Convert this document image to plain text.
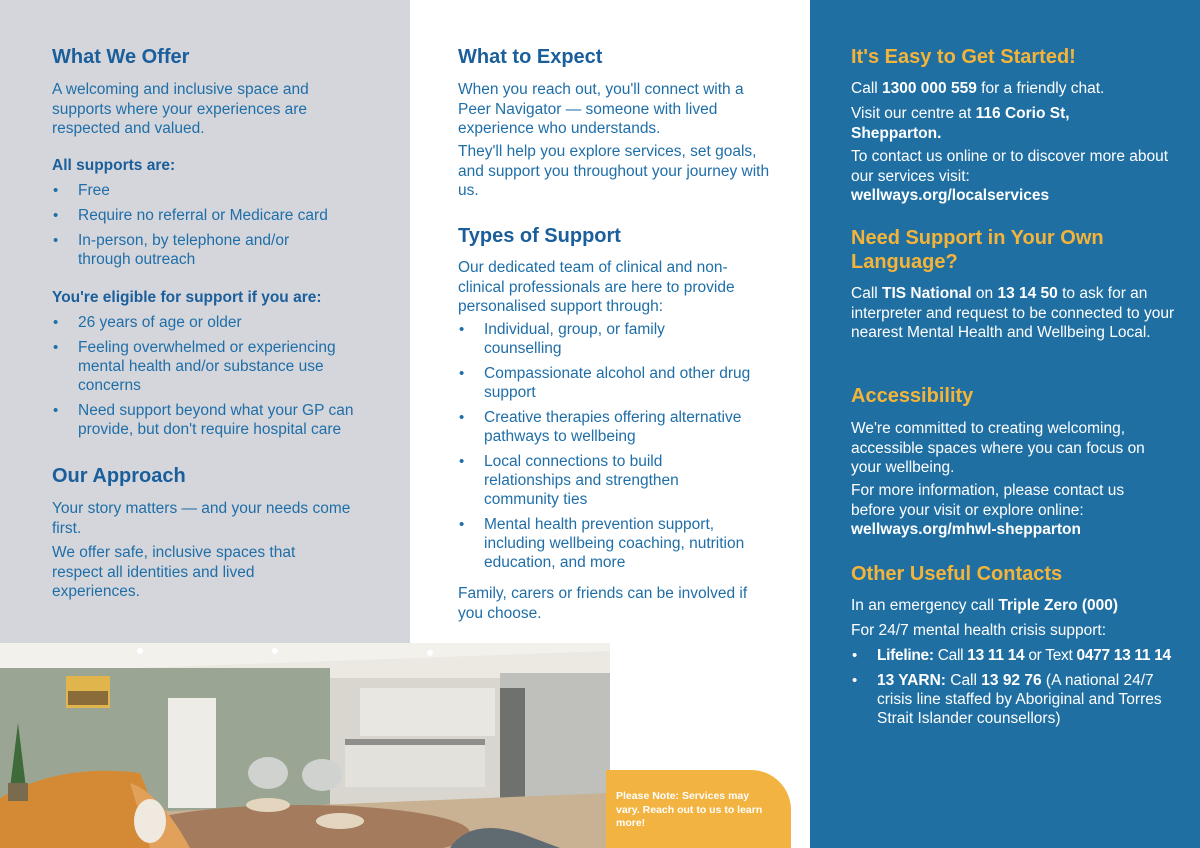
What We Offer

A welcoming and inclusive space and supports where your experiences are respected and valued.

All supports are:
• Free
• Require no referral or Medicare card
• In-person, by telephone and/or through outreach
You're eligible for support if you are:
• 26 years of age or older
• Feeling overwhelmed or experiencing mental health and/or substance use concerns
• Need support beyond what your GP can provide, but don't require hospital care
Our Approach

Your story matters — and your needs come first.

We offer safe, inclusive spaces that respect all identities and lived experiences.

What to Expect

When you reach out, you'll connect with a Peer Navigator — someone with lived experience who understands.

They'll help you explore services, set goals, and support you throughout your journey with us.

Types of Support

Our dedicated team of clinical and non-clinical professionals are here to provide personalised support through:

• Individual, group, or family counselling
• Compassionate alcohol and other drug support
• Creative therapies offering alternative pathways to wellbeing
• Local connections to build relationships and strengthen community ties
• Mental health prevention support, including wellbeing coaching, nutrition education, and more

Family, carers or friends can be involved if you choose.

It's Easy to Get Started!

Call 1300 000 559 for a friendly chat.

Visit our centre at 116 Corio St, Shepparton.

To contact us online or to discover more about our services visit:
wellways.org/localservices

Need Support in Your Own Language?

Call TIS National on 13 14 50 to ask for an interpreter and request to be connected to your nearest Mental Health and Wellbeing Local.

Accessibility

We're committed to creating welcoming, accessible spaces where you can focus on your wellbeing.

For more information, please contact us before your visit or explore online:
wellways.org/mhwl-shepparton

Other Useful Contacts

In an emergency call Triple Zero (000)

For 24/7 mental health crisis support:

• Lifeline: Call 13 11 14 or Text 0477 13 11 14
• 13 YARN: Call 13 92 76 (A national 24/7 crisis line staffed by Aboriginal and Torres Strait Islander counsellors)
Please Note: Services may vary. Reach out to us to learn more!
